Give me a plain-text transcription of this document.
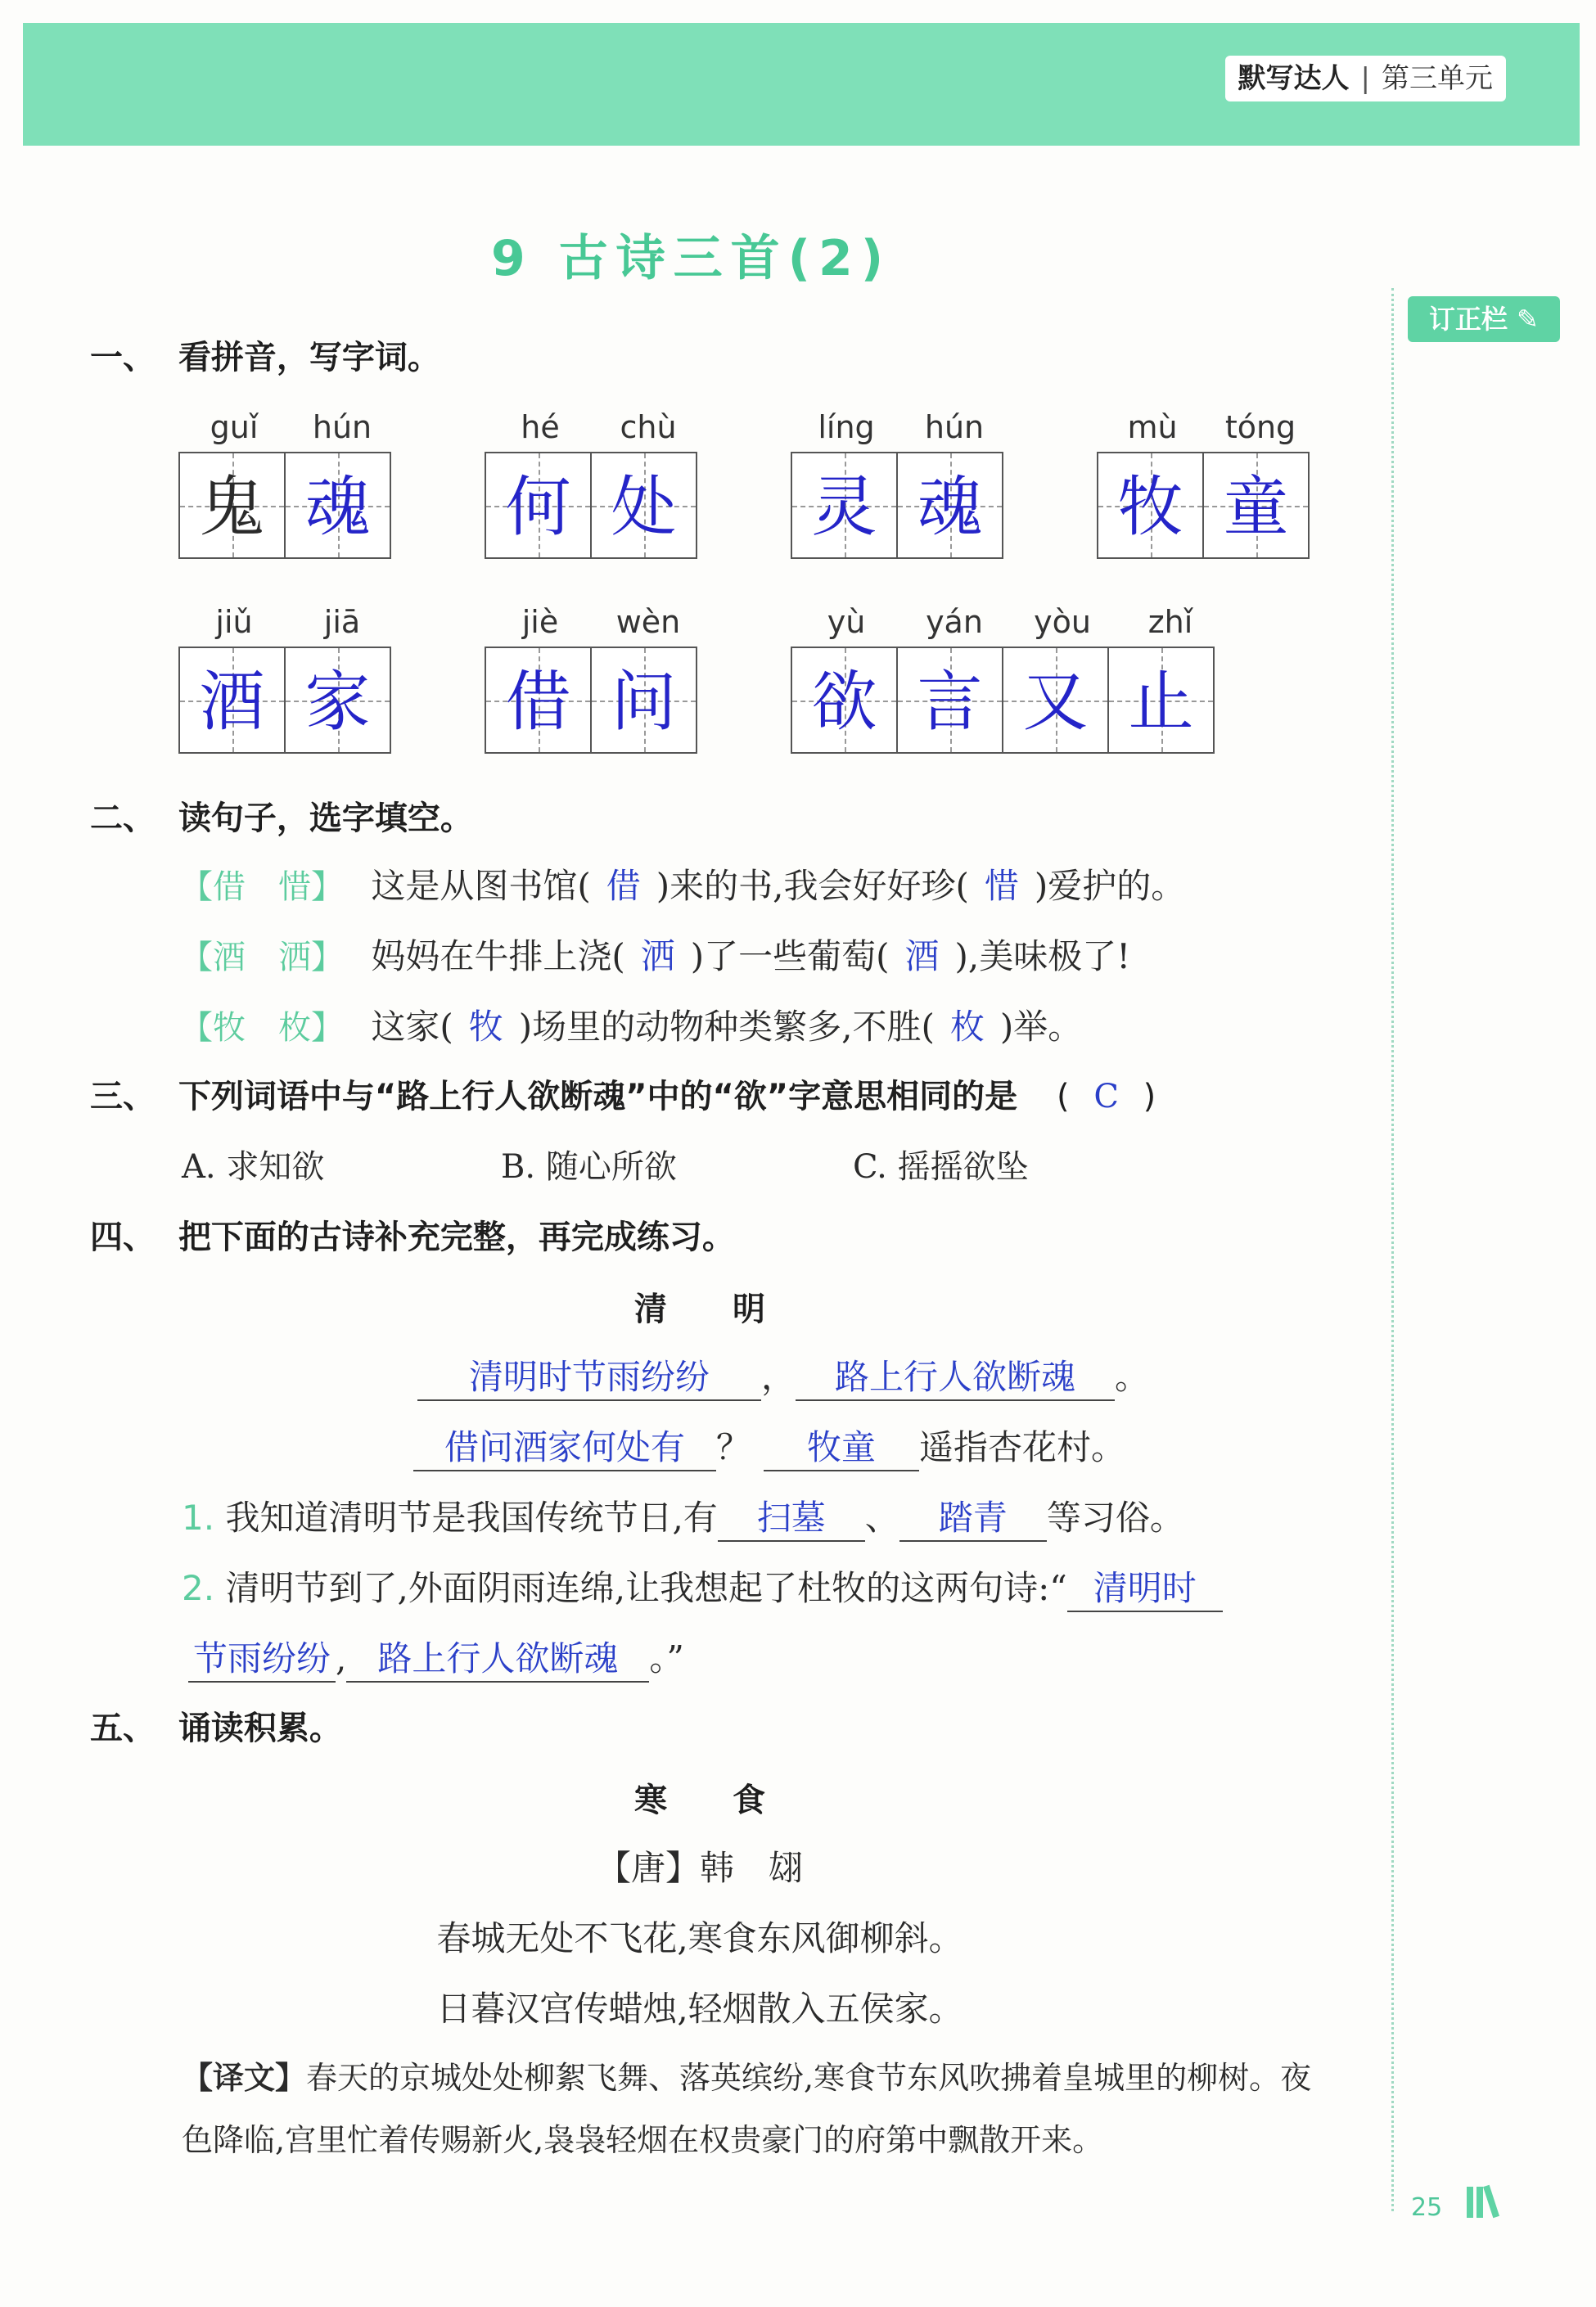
默写达人 | 第三单元
订正栏 ✎
9 古诗三首(2)
一、 看拼音，写字词。
guǐ	hún
鬼 魂
hé	chù
何 处
líng	hún
灵 魂
mù	tóng
牧 童
jiǔ	jiā
酒 家
jiè	wèn
借 问
yù	yán	yòu	zhǐ
欲 言 又 止
二、 读句子，选字填空。
【借　惜】 这是从图书馆( 借 )来的书,我会好好珍( 惜 )爱护的。
【酒　洒】 妈妈在牛排上浇( 洒 )了一些葡萄( 酒 ),美味极了!
【牧　枚】 这家( 牧 )场里的动物种类繁多,不胜( 枚 )举。
三、 下列词语中与“路上行人欲断魂”中的“欲”字意思相同的是 ( C )
A. 求知欲	B. 随心所欲	C. 摇摇欲坠
四、 把下面的古诗补充完整，再完成练习。
清　　明
清明时节雨纷纷 ， 路上行人欲断魂 。
借问酒家何处有 ？ 牧童 遥指杏花村。
1. 我知道清明节是我国传统节日,有 扫墓 、 踏青 等习俗。
2. 清明节到了,外面阴雨连绵,让我想起了杜牧的这两句诗:“ 清明时
节雨纷纷 , 路上行人欲断魂 。”
五、 诵读积累。
寒　　食
【唐】韩　翃
春城无处不飞花,寒食东风御柳斜。
日暮汉宫传蜡烛,轻烟散入五侯家。
【译文】春天的京城处处柳絮飞舞、落英缤纷,寒食节东风吹拂着皇城里的柳树。夜
色降临,宫里忙着传赐新火,袅袅轻烟在权贵豪门的府第中飘散开来。
25
